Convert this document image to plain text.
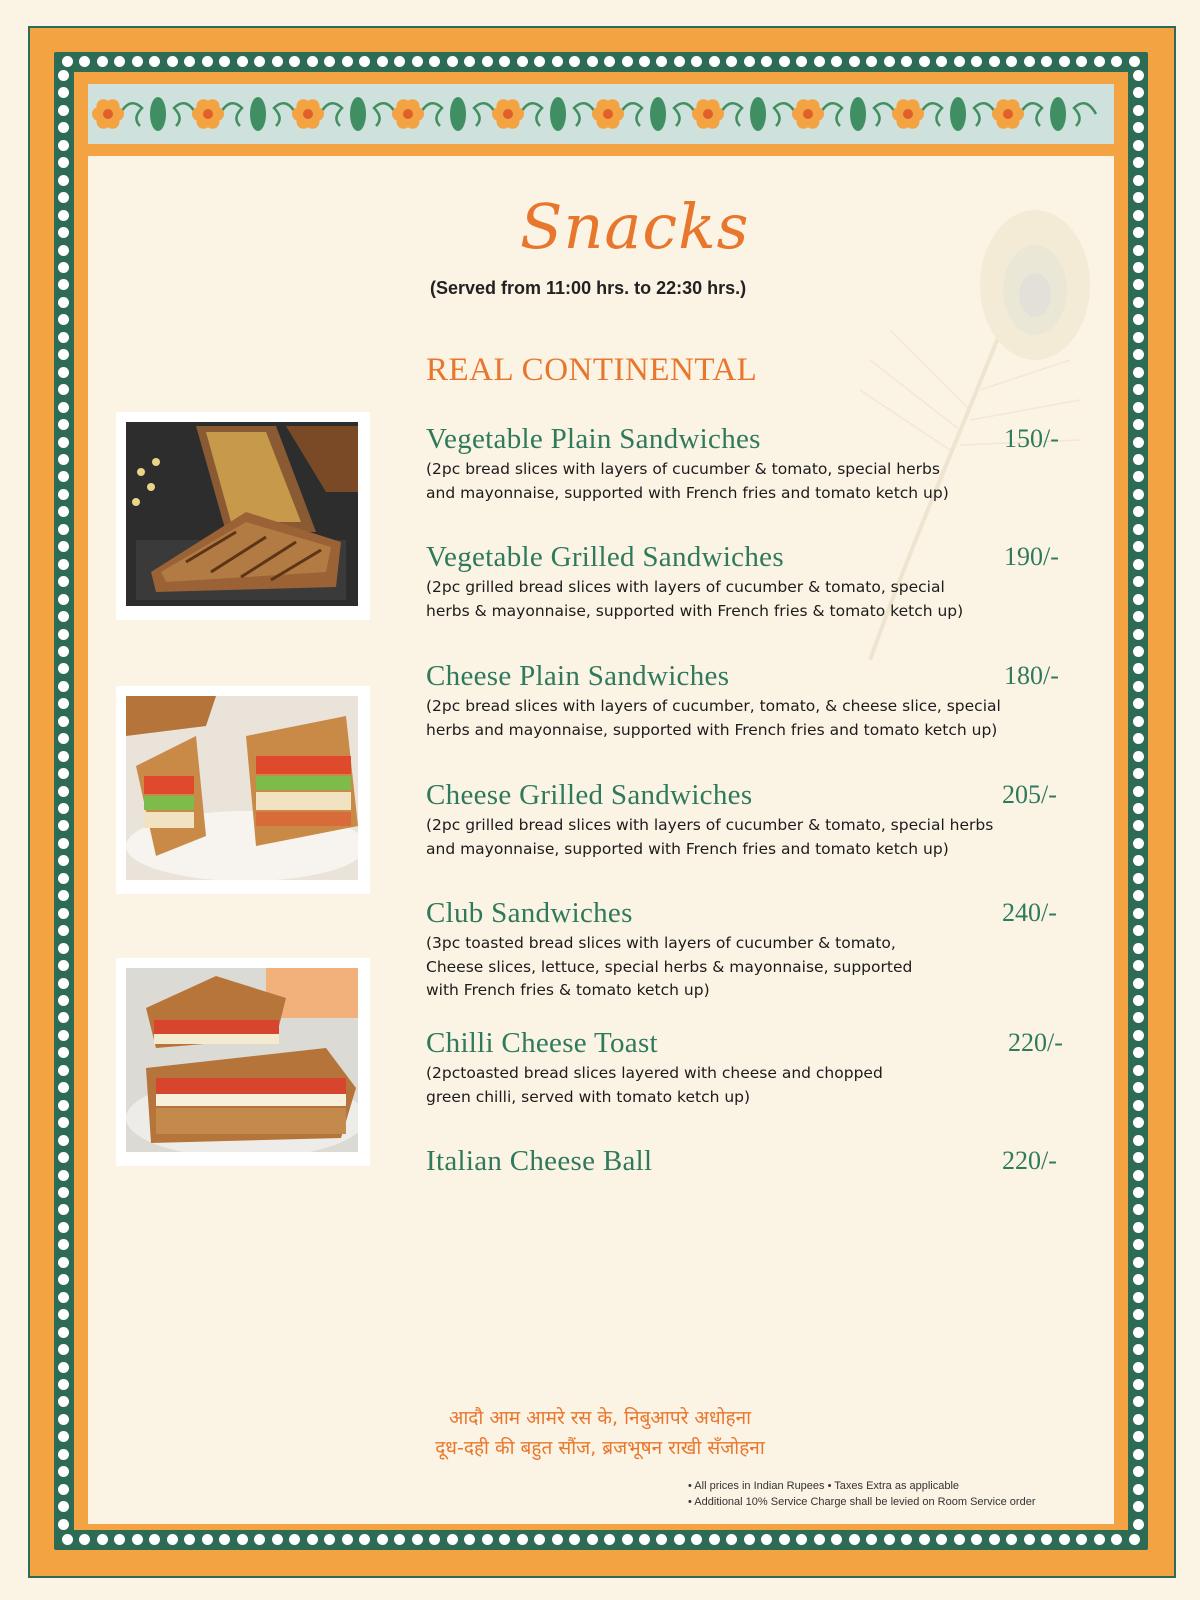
Snacks
(Served from 11:00 hrs. to 22:30 hrs.)
REAL CONTINENTAL
Vegetable Plain Sandwiches	150/-
(2pc bread slices with layers of cucumber & tomato, special herbs
and mayonnaise, supported with French fries and tomato ketch up)
Vegetable Grilled Sandwiches	190/-
(2pc grilled bread slices with layers of cucumber & tomato, special
herbs & mayonnaise, supported with French fries & tomato ketch up)
Cheese Plain Sandwiches	180/-
(2pc bread slices with layers of cucumber, tomato, & cheese slice, special
herbs and mayonnaise, supported with French fries and tomato ketch up)
Cheese Grilled Sandwiches	205/-
(2pc grilled bread slices with layers of cucumber & tomato, special herbs
and mayonnaise, supported with French fries and tomato ketch up)
Club Sandwiches	240/-
(3pc toasted bread slices with layers of cucumber & tomato,
Cheese slices, lettuce, special herbs & mayonnaise, supported
with French fries & tomato ketch up)
Chilli Cheese Toast	220/-
(2pctoasted bread slices layered with cheese and chopped
green chilli, served with tomato ketch up)
Italian Cheese Ball	220/-
आदौ आम आमरे रस के, निबुआपरे अधोहना
दूध-दही की बहुत सौंज, ब्रजभूषन राखी सँजोहना
• All prices in Indian Rupees • Taxes Extra as applicable
• Additional 10% Service Charge shall be levied on Room Service order
